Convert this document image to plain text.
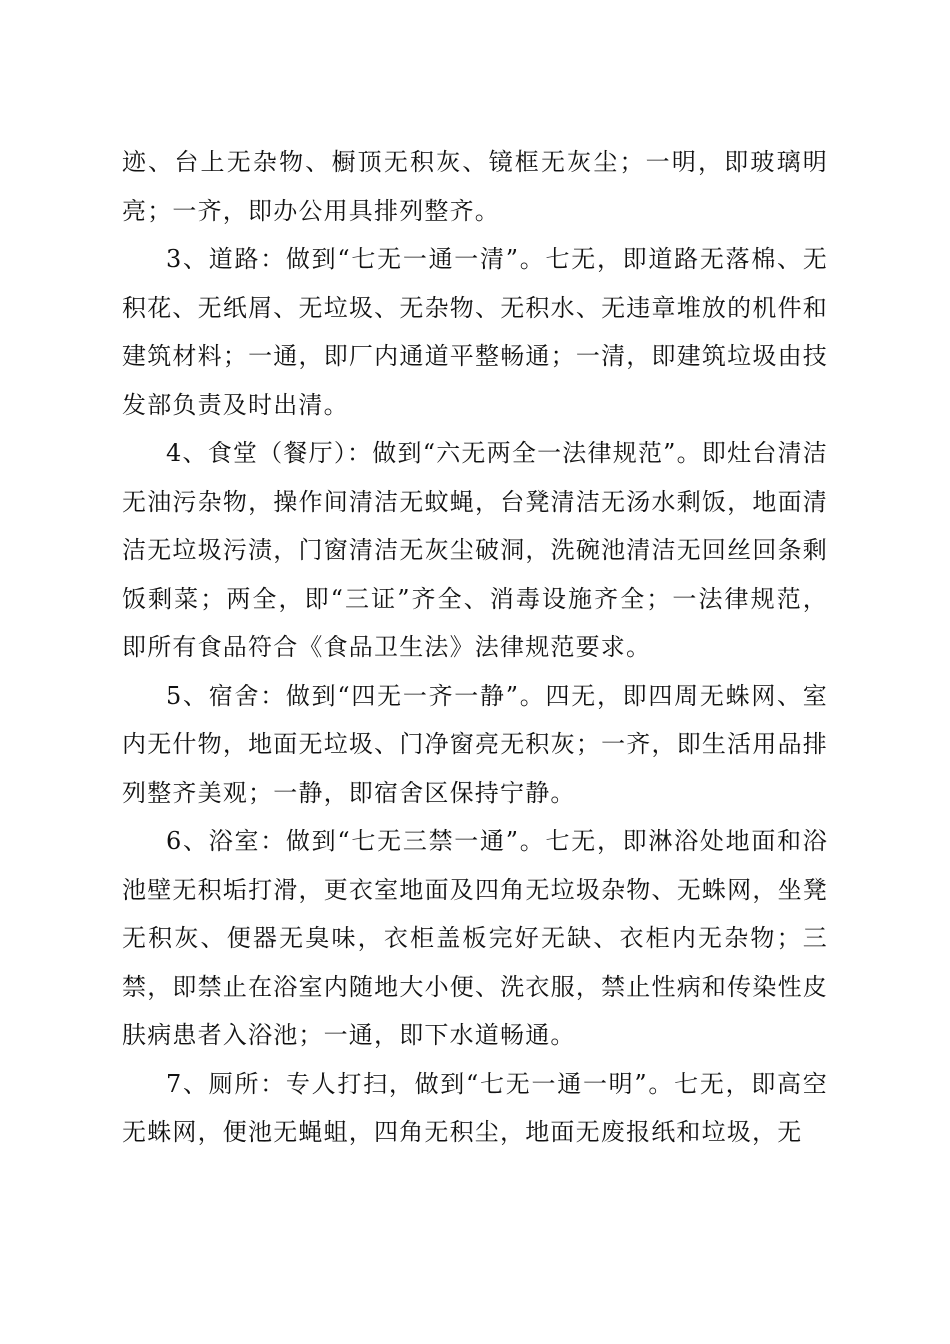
迹、台上无杂物、橱顶无积灰、镜框无灰尘；一明，即玻璃明亮；一齐，即办公用具排列整齐。

3、道路：做到“七无一通一清”。七无，即道路无落棉、无积花、无纸屑、无垃圾、无杂物、无积水、无违章堆放的机件和建筑材料；一通，即厂内通道平整畅通；一清，即建筑垃圾由技发部负责及时出清。

4、食堂（餐厅）：做到“六无两全一法律规范”。即灶台清洁无油污杂物，操作间清洁无蚊蝇，台凳清洁无汤水剩饭，地面清洁无垃圾污渍，门窗清洁无灰尘破洞，洗碗池清洁无回丝回条剩饭剩菜；两全，即“三证”齐全、消毒设施齐全；一法律规范，即所有食品符合《食品卫生法》法律规范要求。

5、宿舍：做到“四无一齐一静”。四无，即四周无蛛网、室内无什物，地面无垃圾、门净窗亮无积灰；一齐，即生活用品排列整齐美观；一静，即宿舍区保持宁静。

6、浴室：做到“七无三禁一通”。七无，即淋浴处地面和浴池壁无积垢打滑，更衣室地面及四角无垃圾杂物、无蛛网，坐凳无积灰、便器无臭味，衣柜盖板完好无缺、衣柜内无杂物；三禁，即禁止在浴室内随地大小便、洗衣服，禁止性病和传染性皮肤病患者入浴池；一通，即下水道畅通。

7、厕所：专人打扫，做到“七无一通一明”。七无，即高空无蛛网，便池无蝇蛆，四角无积尘，地面无废报纸和垃圾，无
